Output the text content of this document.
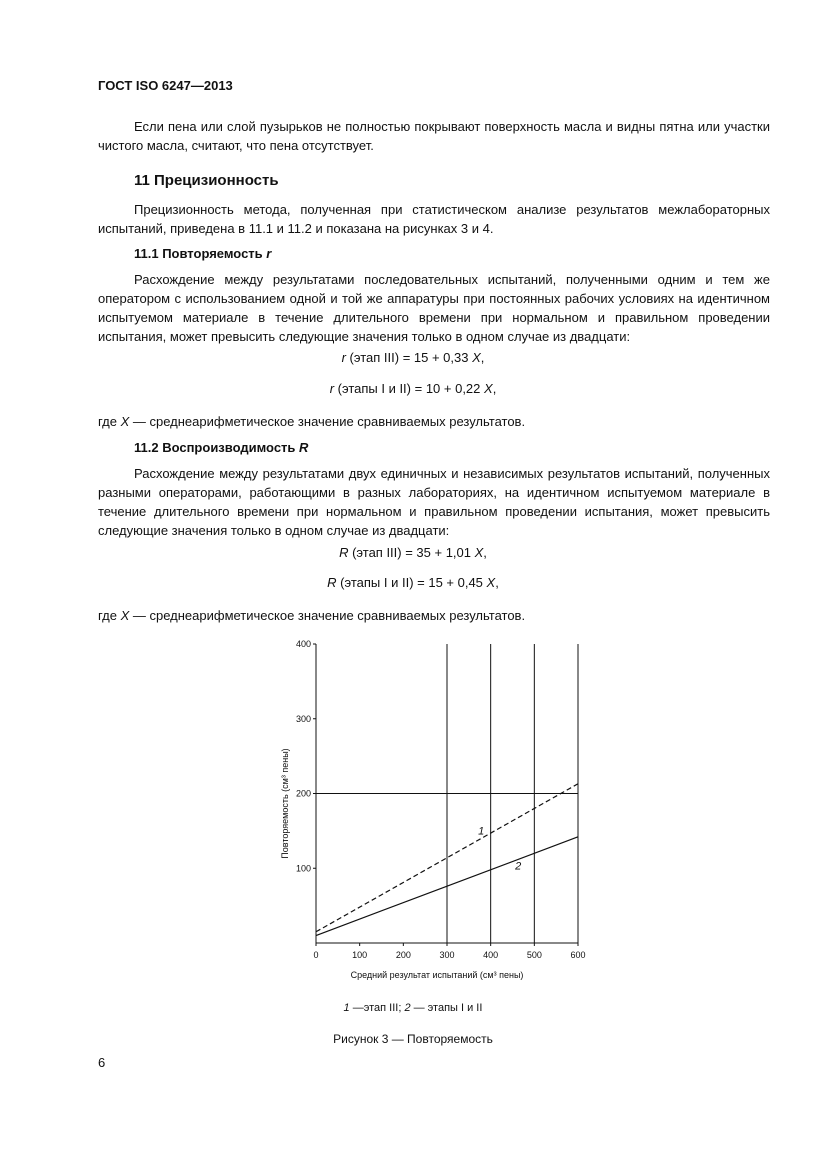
ГОСТ ISO 6247—2013
Если пена или слой пузырьков не полностью покрывают поверхность масла и видны пятна или участки чистого масла, считают, что пена отсутствует.
11 Прецизионность
Прецизионность метода, полученная при статистическом анализе результатов межлабораторных испытаний, приведена в 11.1 и 11.2 и показана на рисунках 3 и 4.
11.1 Повторяемость r
Расхождение между результатами последовательных испытаний, полученными одним и тем же оператором с использованием одной и той же аппаратуры при постоянных рабочих условиях на идентичном испытуемом материале в течение длительного времени при нормальном и правильном проведении испытания, может превысить следующие значения только в одном случае из двадцати:
r (этап III) = 15 + 0,33 X,
r (этапы I и II) = 10 + 0,22 X,
где X — среднеарифметическое значение сравниваемых результатов.
11.2 Воспроизводимость R
Расхождение между результатами двух единичных и независимых результатов испытаний, полученных разными операторами, работающими в разных лабораториях, на идентичном испытуемом материале в течение длительного времени при нормальном и правильном проведении испытания, может превысить следующие значения только в одном случае из двадцати:
R (этап III) = 35 + 1,01 X,
R (этапы I и II) = 15 + 0,45 X,
где X — среднеарифметическое значение сравниваемых результатов.
100
200
300
400
0	100	200	300	400	500	600
Средний результат испытаний (см³ пены)
Повторяемость (см³ пены)	1
2
1 —этап III; 2 — этапы I и II
Рисунок 3 — Повторяемость
6
